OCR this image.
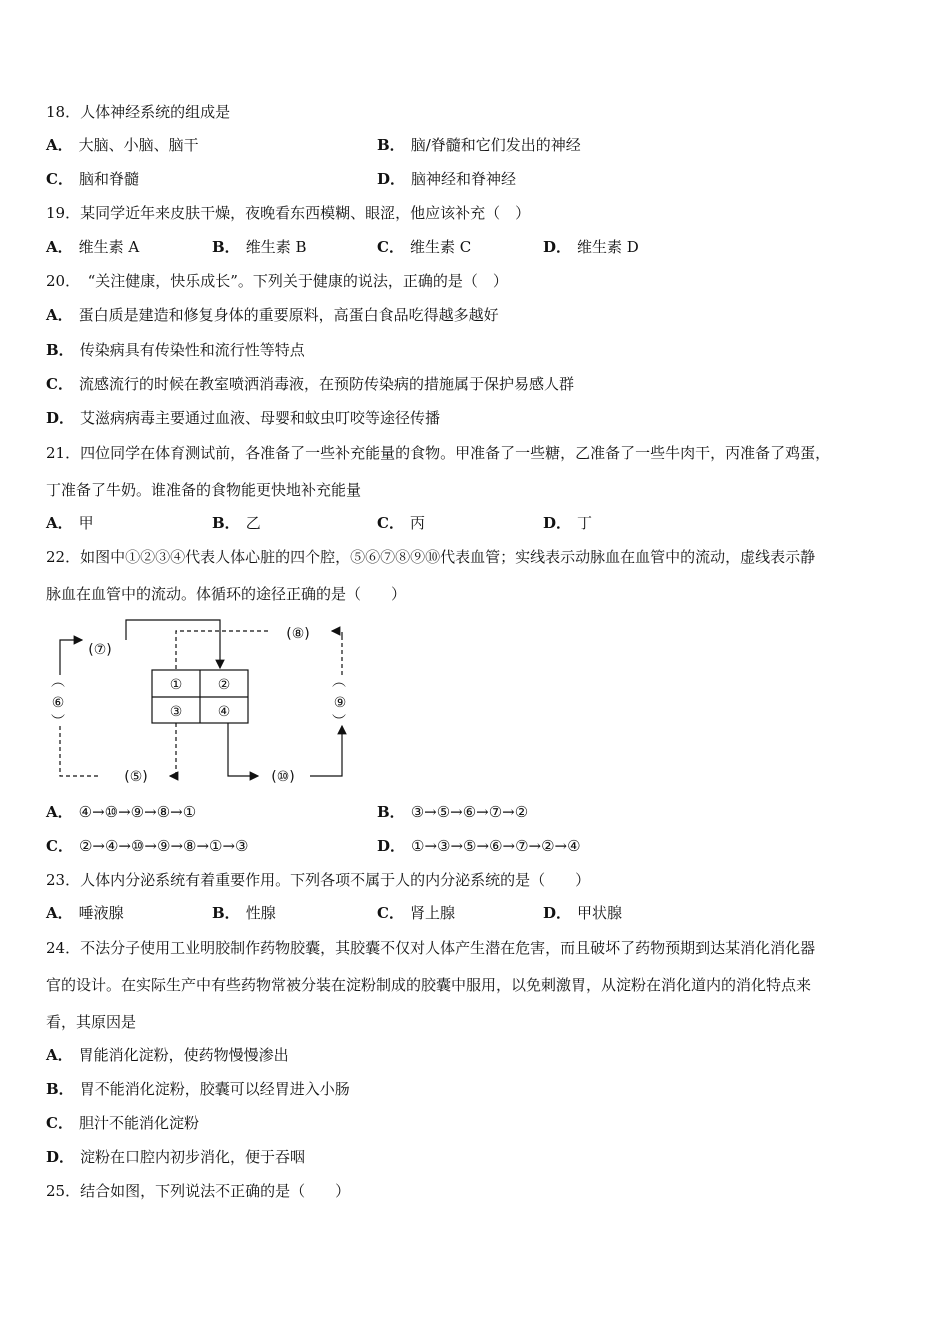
18．人体神经系统的组成是
A． 大脑、小脑、脑干	B． 脑/脊髓和它们发出的神经
C． 脑和脊髓	D． 脑神经和脊神经
19．某同学近年来皮肤干燥，夜晚看东西模糊、眼涩，他应该补充（　）
A． 维生素 A	B． 维生素 B	C． 维生素 C	D． 维生素 D
20．　“关注健康，快乐成长”。下列关于健康的说法，正确的是（　）
A． 蛋白质是建造和修复身体的重要原料，高蛋白食品吃得越多越好
B． 传染病具有传染性和流行性等特点
C． 流感流行的时候在教室喷洒消毒液，在预防传染病的措施属于保护易感人群
D． 艾滋病病毒主要通过血液、母婴和蚊虫叮咬等途径传播
21．四位同学在体育测试前，各准备了一些补充能量的食物。甲准备了一些糖，乙准备了一些牛肉干，丙准备了鸡蛋，
丁准备了牛奶。谁准备的食物能更快地补充能量
A． 甲	B． 乙	C． 丙	D． 丁
22．如图中①②③④代表人体心脏的四个腔，⑤⑥⑦⑧⑨⑩代表血管；实线表示动脉血在血管中的流动，虚线表示静
脉血在血管中的流动。体循环的途径正确的是（　　）
①	②
③	④
(⑦)
(⑧)
︵
⑨
︶
(⑩)
(⑤)
︵
⑥
︶
A． ④→⑩→⑨→⑧→①	B． ③→⑤→⑥→⑦→②
C． ②→④→⑩→⑨→⑧→①→③	D． ①→③→⑤→⑥→⑦→②→④
23．人体内分泌系统有着重要作用。下列各项不属于人的内分泌系统的是（　　）
A． 唾液腺	B． 性腺	C． 肾上腺	D． 甲状腺
24．不法分子使用工业明胶制作药物胶囊，其胶囊不仅对人体产生潜在危害，而且破坏了药物预期到达某消化消化器
官的设计。在实际生产中有些药物常被分装在淀粉制成的胶囊中服用，以免刺激胃，从淀粉在消化道内的消化特点来
看，其原因是
A． 胃能消化淀粉，使药物慢慢渗出
B． 胃不能消化淀粉，胶囊可以经胃进入小肠
C． 胆汁不能消化淀粉
D． 淀粉在口腔内初步消化，便于吞咽
25．结合如图，下列说法不正确的是（　　）
